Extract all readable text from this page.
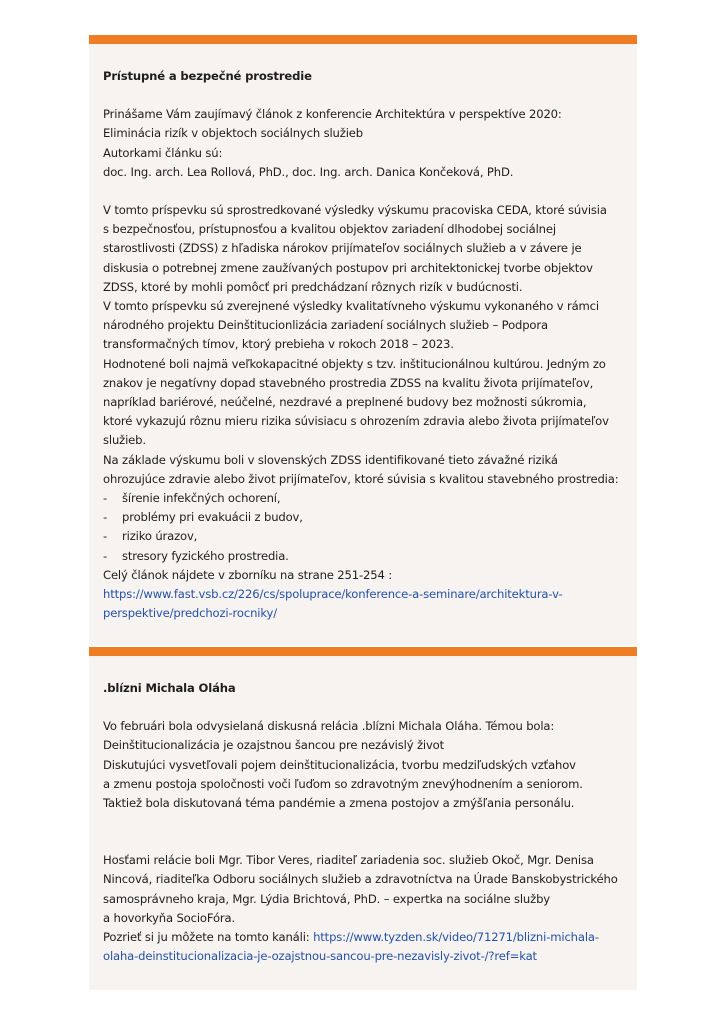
Prístupné a bezpečné prostredie

Prinášame Vám zaujímavý článok z konferencie Architektúra v perspektíve 2020:
Eliminácia rizík v objektoch sociálnych služieb
Autorkami článku sú:
doc. Ing. arch. Lea Rollová, PhD., doc. Ing. arch. Danica Končeková, PhD.
V tomto príspevku sú sprostredkované výsledky výskumu pracoviska CEDA, ktoré súvisia
s bezpečnosťou, prístupnosťou a kvalitou objektov zariadení dlhodobej sociálnej
starostlivosti (ZDSS) z hľadiska nárokov prijímateľov sociálnych služieb a v závere je
diskusia o potrebnej zmene zaužívaných postupov pri architektonickej tvorbe objektov
ZDSS, ktoré by mohli pomôcť pri predchádzaní rôznych rizík v budúcnosti.
V tomto príspevku sú zverejnené výsledky kvalitatívneho výskumu vykonaného v rámci
národného projektu Deinštitucionlizácia zariadení sociálnych služieb – Podpora
transformačných tímov, ktorý prebieha v rokoch 2018 – 2023.
Hodnotené boli najmä veľkokapacitné objekty s tzv. inštitucionálnou kultúrou. Jedným zo
znakov je negatívny dopad stavebného prostredia ZDSS na kvalitu života prijímateľov,
napríklad bariérové, neúčelné, nezdravé a preplnené budovy bez možnosti súkromia,
ktoré vykazujú rôznu mieru rizika súvisiacu s ohrozením zdravia alebo života prijímateľov
služieb.
Na základe výskumu boli v slovenských ZDSS identifikované tieto závažné riziká
ohrozujúce zdravie alebo život prijímateľov, ktoré súvisia s kvalitou stavebného prostredia:
- šírenie infekčných ochorení,
- problémy pri evakuácii z budov,
- riziko úrazov,
- stresory fyzického prostredia.
Celý článok nájdete v zborníku na strane 251-254 :
https://www.fast.vsb.cz/226/cs/spoluprace/konference-a-seminare/architektura-v-
perspektive/predchozi-rocniky/

.blízni Michala Oláha

Vo februári bola odvysielaná diskusná relácia .blízni Michala Oláha. Témou bola:
Deinštitucionalizácia je ozajstnou šancou pre nezávislý život
Diskutujúci vysvetľovali pojem deinštitucionalizácia, tvorbu medziľudských vzťahov
a zmenu postoja spoločnosti voči ľuďom so zdravotným znevýhodnením a seniorom.
Taktiež bola diskutovaná téma pandémie a zmena postojov a zmýšľania personálu.
Hosťami relácie boli Mgr. Tibor Veres, riaditeľ zariadenia soc. služieb Okoč, Mgr. Denisa
Nincová, riaditeľka Odboru sociálnych služieb a zdravotníctva na Úrade Banskobystrického
samosprávneho kraja, Mgr. Lýdia Brichtová, PhD. – expertka na sociálne služby
a hovorkyňa SocioFóra.
Pozrieť si ju môžete na tomto kanáli: https://www.tyzden.sk/video/71271/blizni-michala-
olaha-deinstitucionalizacia-je-ozajstnou-sancou-pre-nezavisly-zivot-/?ref=kat
